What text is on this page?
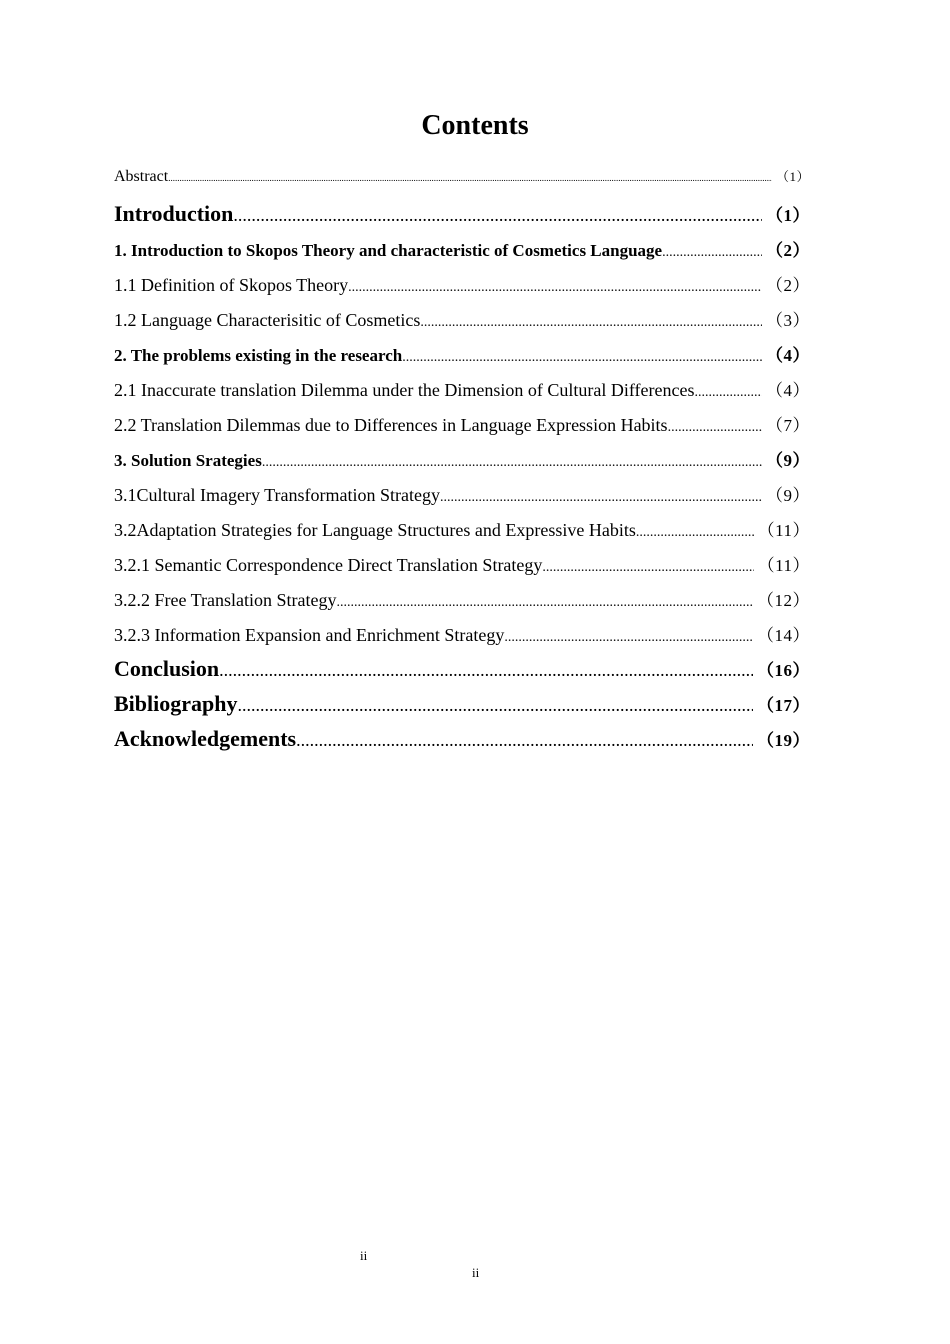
Contents
Abstract .....	（1）
Introduction .....	（1）
1. Introduction to Skopos Theory and characteristic of Cosmetics Language .....	（2）
1.1 Definition of Skopos Theory .....	（2）
1.2 Language Characterisitic of Cosmetics .....	（3）
2. The problems existing in the research .....	（4）
2.1 Inaccurate translation Dilemma under the Dimension of Cultural Differences .....	（4）
2.2 Translation Dilemmas due to Differences in Language Expression Habits .....	（7）
3. Solution Srategies .....	（9）
3.1Cultural Imagery Transformation Strategy .....	（9）
3.2Adaptation Strategies for Language Structures and Expressive Habits .....	（11）
3.2.1 Semantic Correspondence Direct Translation Strategy .....	（11）
3.2.2 Free Translation Strategy .....	（12）
3.2.3 Information Expansion and Enrichment Strategy .....	（14）
Conclusion .....	（16）
Bibliography .....	（17）
Acknowledgements .....	（19）
ii
ii
